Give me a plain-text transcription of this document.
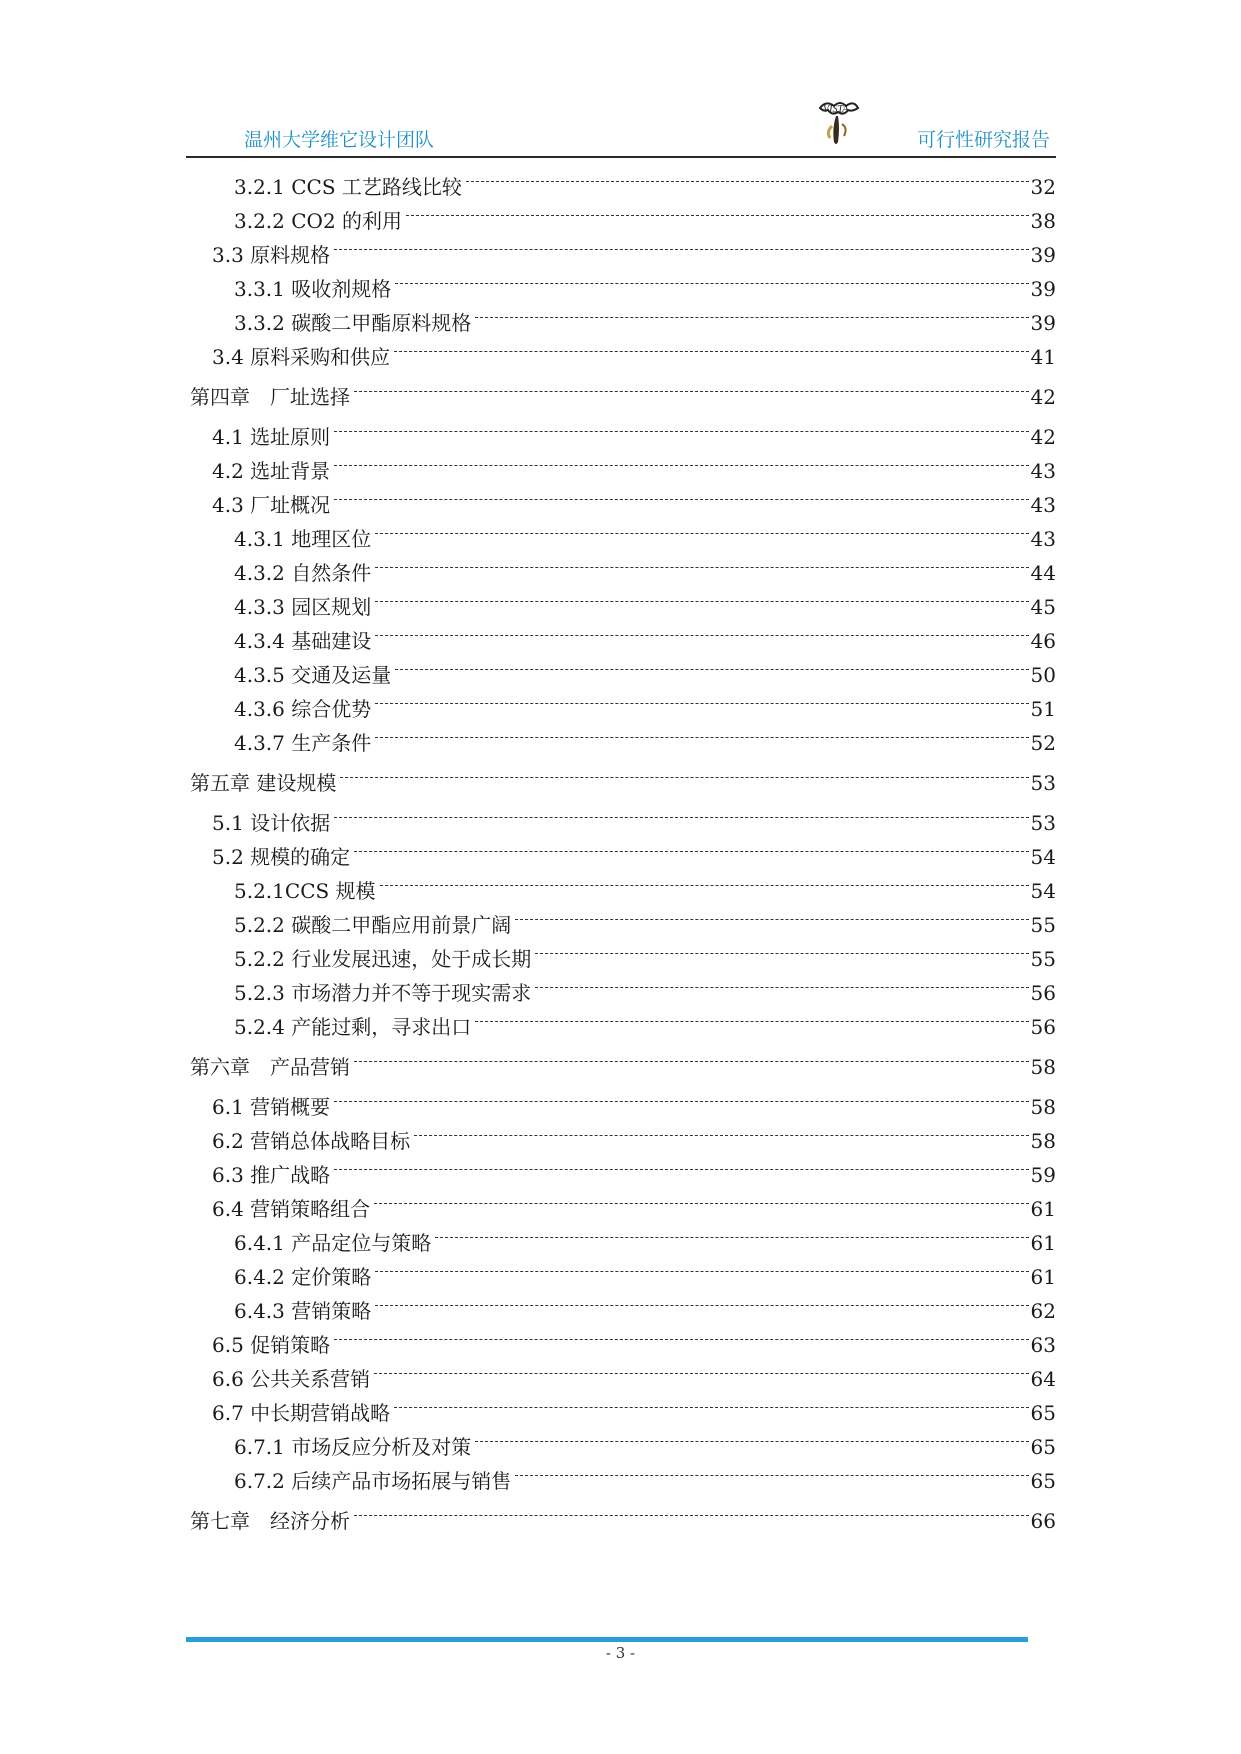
温州大学维它设计团队
VISTA
可行性研究报告
3.2.1 CCS 工艺路线比较	32
3.2.2 CO2 的利用	38
3.3 原料规格	39
3.3.1 吸收剂规格	39
3.3.2 碳酸二甲酯原料规格	39
3.4 原料采购和供应	41
第四章　厂址选择	42
4.1 选址原则	42
4.2 选址背景	43
4.3 厂址概况	43
4.3.1 地理区位	43
4.3.2 自然条件	44
4.3.3 园区规划	45
4.3.4 基础建设	46
4.3.5 交通及运量	50
4.3.6 综合优势	51
4.3.7 生产条件	52
第五章 建设规模	53
5.1 设计依据	53
5.2 规模的确定	54
5.2.1CCS 规模	54
5.2.2 碳酸二甲酯应用前景广阔	55
5.2.2 行业发展迅速，处于成长期	55
5.2.3 市场潜力并不等于现实需求	56
5.2.4 产能过剩，寻求出口	56
第六章　产品营销	58
6.1 营销概要	58
6.2 营销总体战略目标	58
6.3 推广战略	59
6.4 营销策略组合	61
6.4.1 产品定位与策略	61
6.4.2 定价策略	61
6.4.3 营销策略	62
6.5 促销策略	63
6.6 公共关系营销	64
6.7 中长期营销战略	65
6.7.1 市场反应分析及对策	65
6.7.2 后续产品市场拓展与销售	65
第七章　经济分析	66
- 3 -
